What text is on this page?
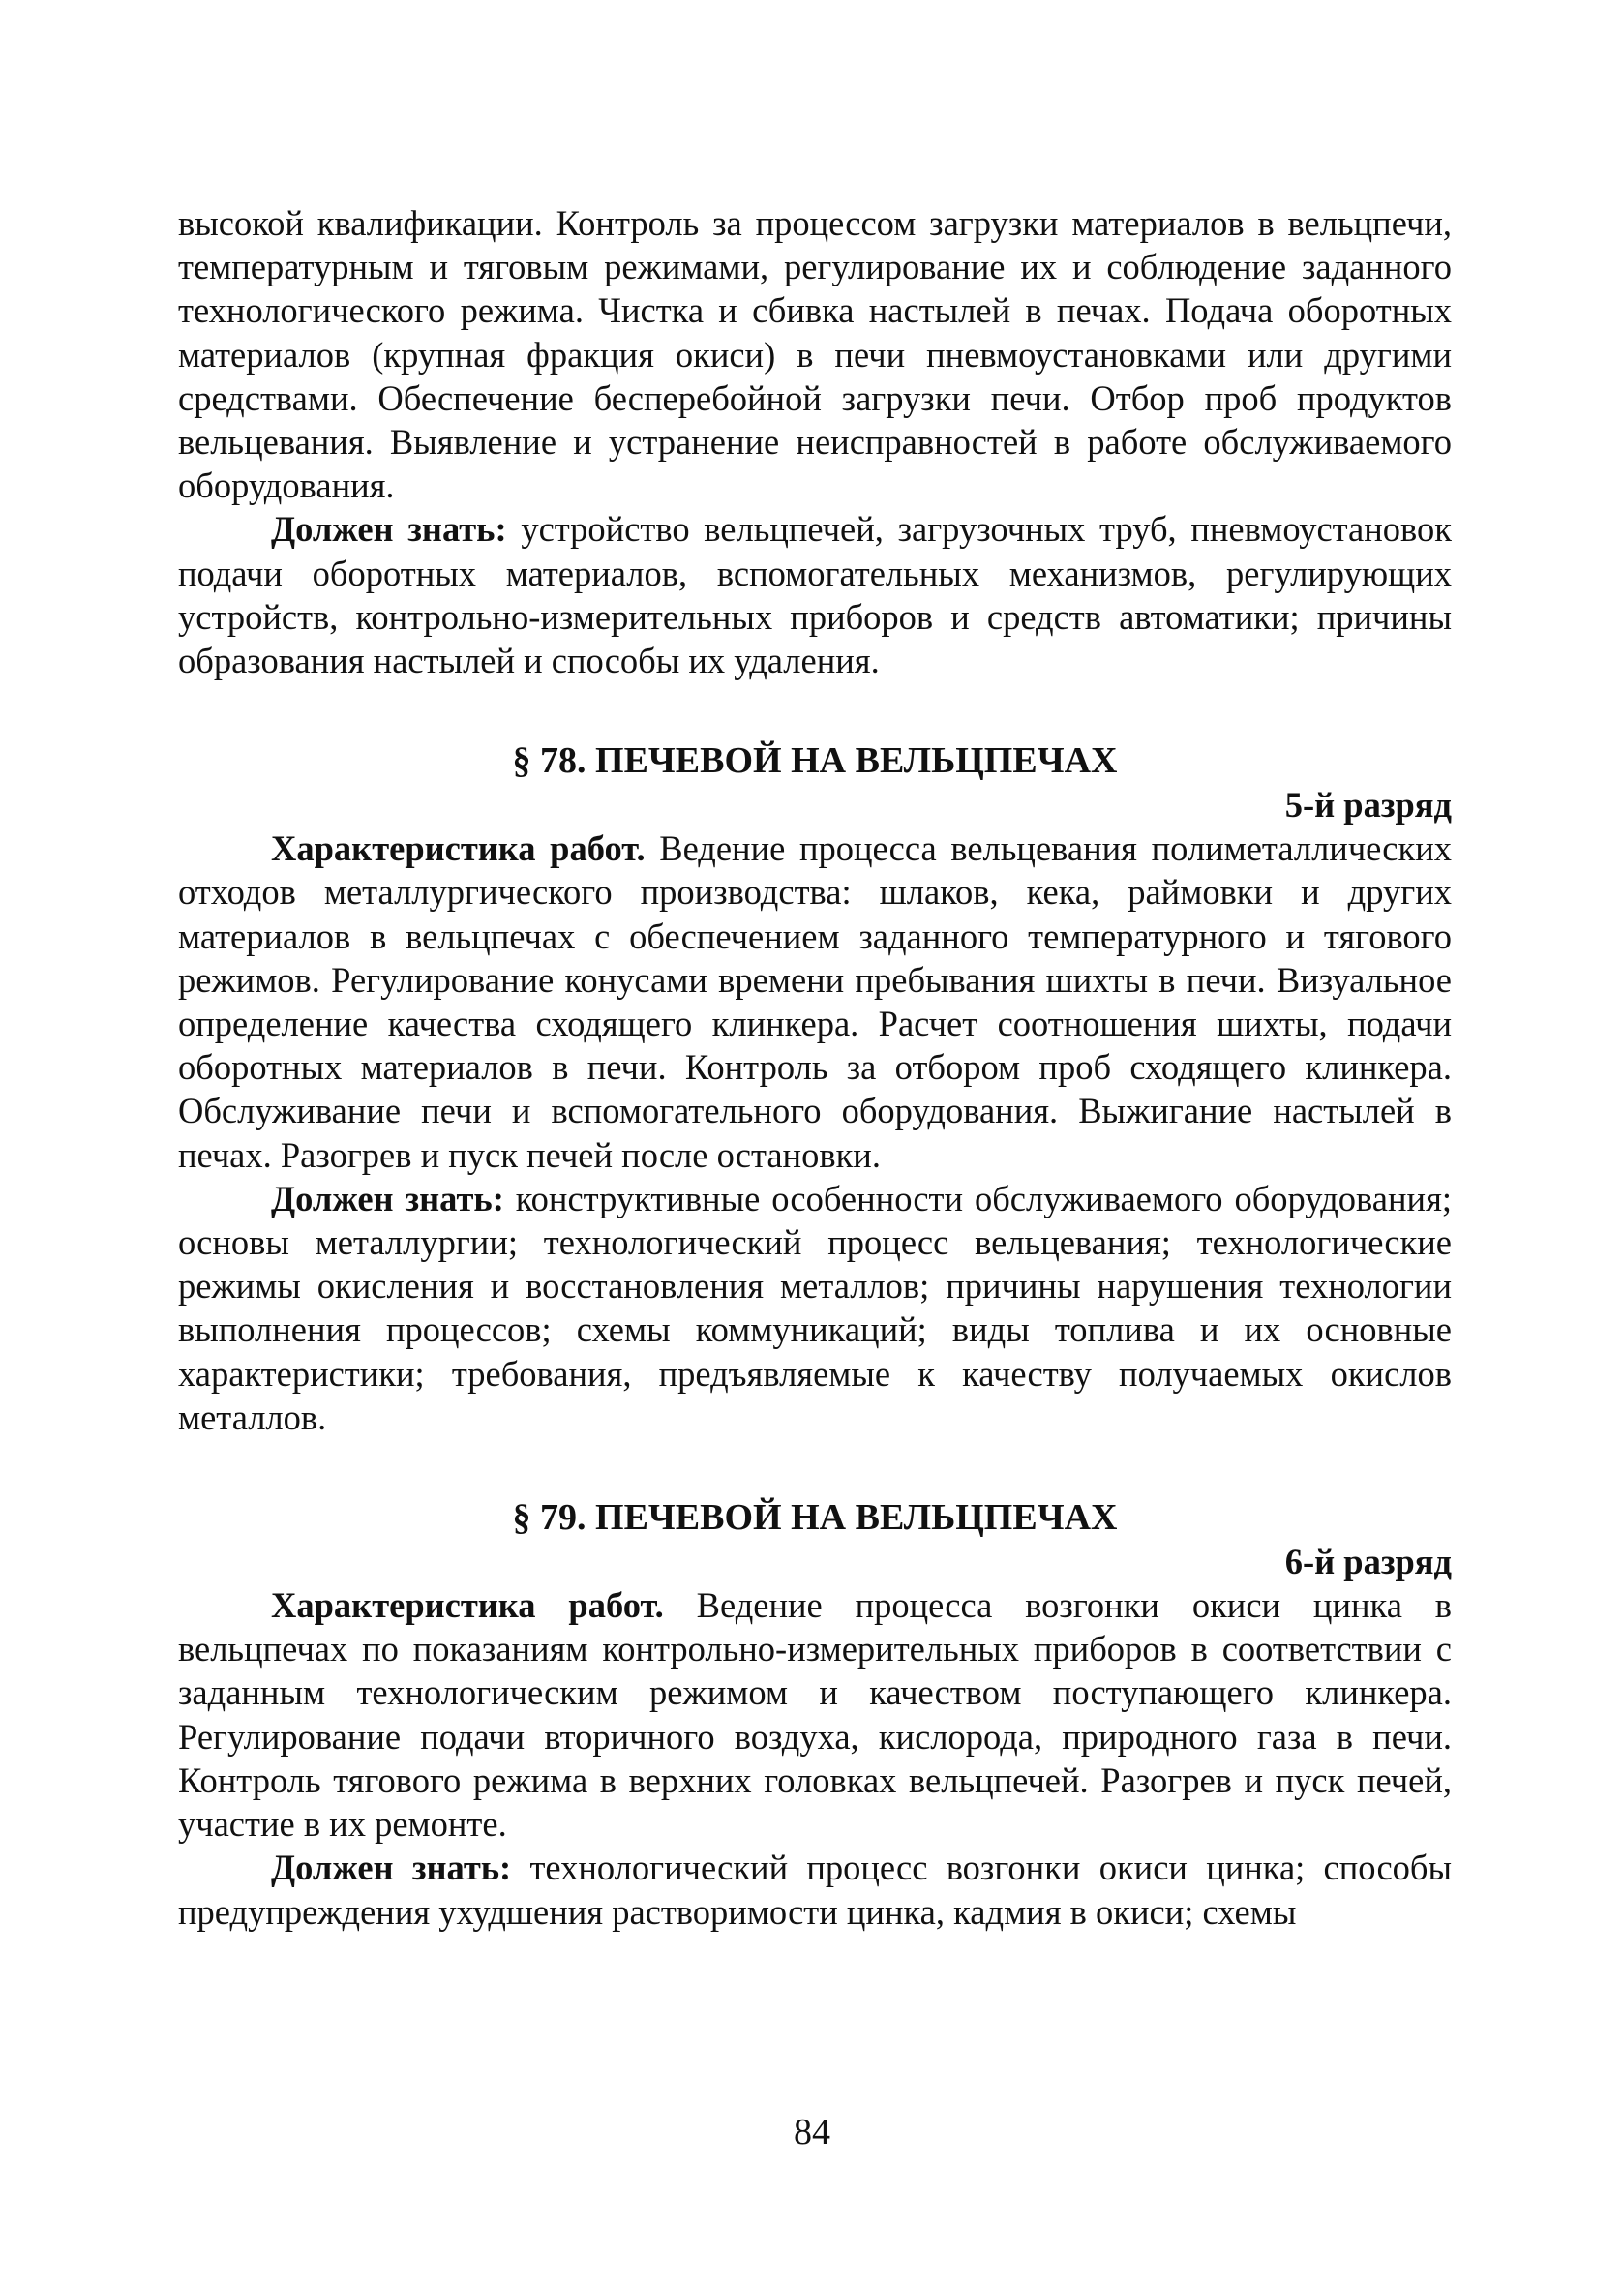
высокой квалификации. Контроль за процессом загрузки материалов в вельцпечи, температурным и тяговым режимами, регулирование их и соблюдение заданного технологического режима. Чистка и сбивка настылей в печах. Подача оборотных материалов (крупная фракция окиси) в печи пневмоустановками или другими средствами. Обеспечение бесперебойной загрузки печи. Отбор проб продуктов вельцевания. Выявление и устранение неисправностей в работе обслуживаемого оборудования.

Должен знать: устройство вельцпечей, загрузочных труб, пневмоустановок подачи оборотных материалов, вспомогательных механизмов, регулирующих устройств, контрольно-измерительных приборов и средств автоматики; причины образования настылей и способы их удаления.

§ 78. ПЕЧЕВОЙ НА ВЕЛЬЦПЕЧАХ
5-й разряд

Характеристика работ. Ведение процесса вельцевания полиметаллических отходов металлургического производства: шлаков, кека, раймовки и других материалов в вельцпечах с обеспечением заданного температурного и тягового режимов. Регулирование конусами времени пребывания шихты в печи. Визуальное определение качества сходящего клинкера. Расчет соотношения шихты, подачи оборотных материалов в печи. Контроль за отбором проб сходящего клинкера. Обслуживание печи и вспомогательного оборудования. Выжигание настылей в печах. Разогрев и пуск печей после остановки.

Должен знать: конструктивные особенности обслуживаемого оборудования; основы металлургии; технологический процесс вельцевания; технологические режимы окисления и восстановления металлов; причины нарушения технологии выполнения процессов; схемы коммуникаций; виды топлива и их основные характеристики; требования, предъявляемые к качеству получаемых окислов металлов.

§ 79. ПЕЧЕВОЙ НА ВЕЛЬЦПЕЧАХ
6-й разряд

Характеристика работ. Ведение процесса возгонки окиси цинка в вельцпечах по показаниям контрольно-измерительных приборов в соответствии с заданным технологическим режимом и качеством поступающего клинкера. Регулирование подачи вторичного воздуха, кислорода, природного газа в печи. Контроль тягового режима в верхних головках вельцпечей. Разогрев и пуск печей, участие в их ремонте.

Должен знать: технологический процесс возгонки окиси цинка; способы предупреждения ухудшения растворимости цинка, кадмия в окиси; схемы

84
